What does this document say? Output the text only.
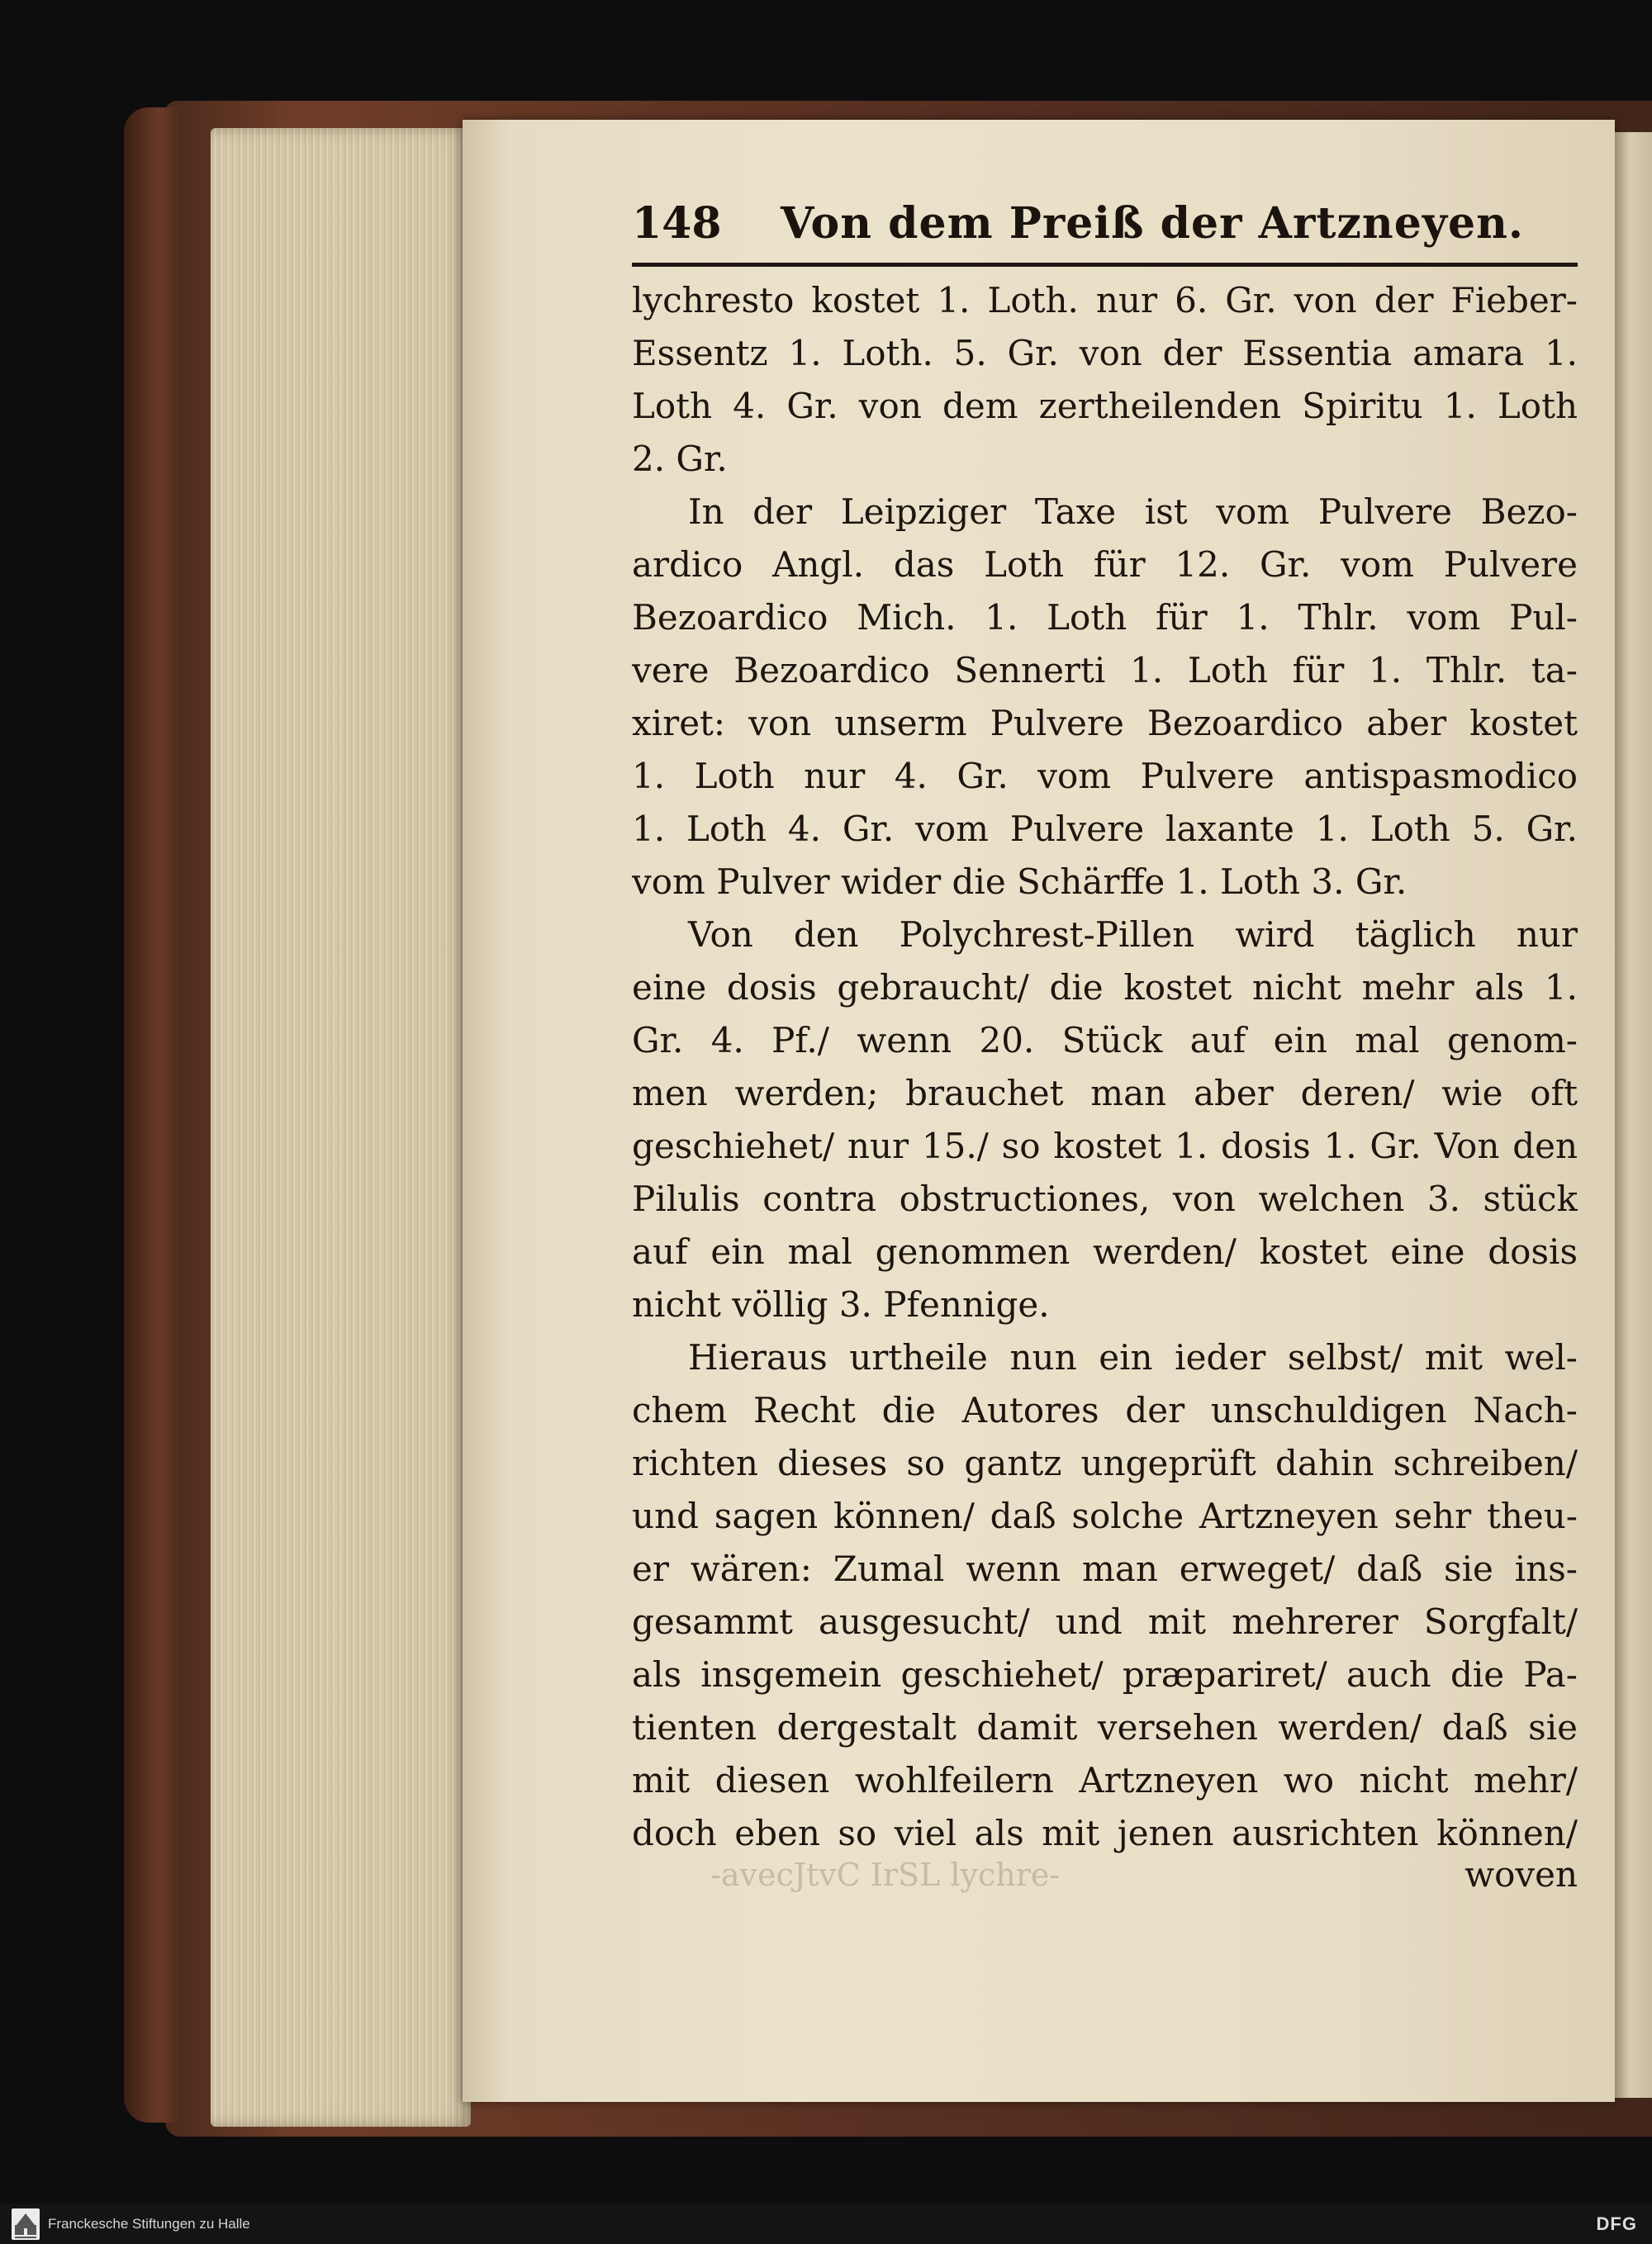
148 Von dem Preiß der Artzneyen.
lychresto kostet 1. Loth. nur 6. Gr. von der Fieber-
Essentz 1. Loth. 5. Gr. von der Essentia amara 1.
Loth 4. Gr. von dem zertheilenden Spiritu 1. Loth
2. Gr.
In der Leipziger Taxe ist vom Pulvere Bezo-
ardico Angl. das Loth für 12. Gr. vom Pulvere
Bezoardico Mich. 1. Loth für 1. Thlr. vom Pul-
vere Bezoardico Sennerti 1. Loth für 1. Thlr. ta-
xiret: von unserm Pulvere Bezoardico aber kostet
1. Loth nur 4. Gr. vom Pulvere antispasmodico
1. Loth 4. Gr. vom Pulvere laxante 1. Loth 5. Gr.
vom Pulver wider die Schärffe 1. Loth 3. Gr.
Von den Polychrest-Pillen wird täglich nur
eine dosis gebraucht/ die kostet nicht mehr als 1.
Gr. 4. Pf./ wenn 20. Stück auf ein mal genom-
men werden; brauchet man aber deren/ wie oft
geschiehet/ nur 15./ so kostet 1. dosis 1. Gr. Von den
Pilulis contra obstructiones, von welchen 3. stück
auf ein mal genommen werden/ kostet eine dosis
nicht völlig 3. Pfennige.
Hieraus urtheile nun ein ieder selbst/ mit wel-
chem Recht die Autores der unschuldigen Nach-
richten dieses so gantz ungeprüft dahin schreiben/
und sagen können/ daß solche Artzneyen sehr theu-
er wären: Zumal wenn man erweget/ daß sie ins-
gesammt ausgesucht/ und mit mehrerer Sorgfalt/
als insgemein geschiehet/ præpariret/ auch die Pa-
tienten dergestalt damit versehen werden/ daß sie
mit diesen wohlfeilern Artzneyen wo nicht mehr/
doch eben so viel als mit jenen ausrichten können/
-avecJtvC IrSL lychre-	woven
Franckesche Stiftungen zu Halle	DFG
